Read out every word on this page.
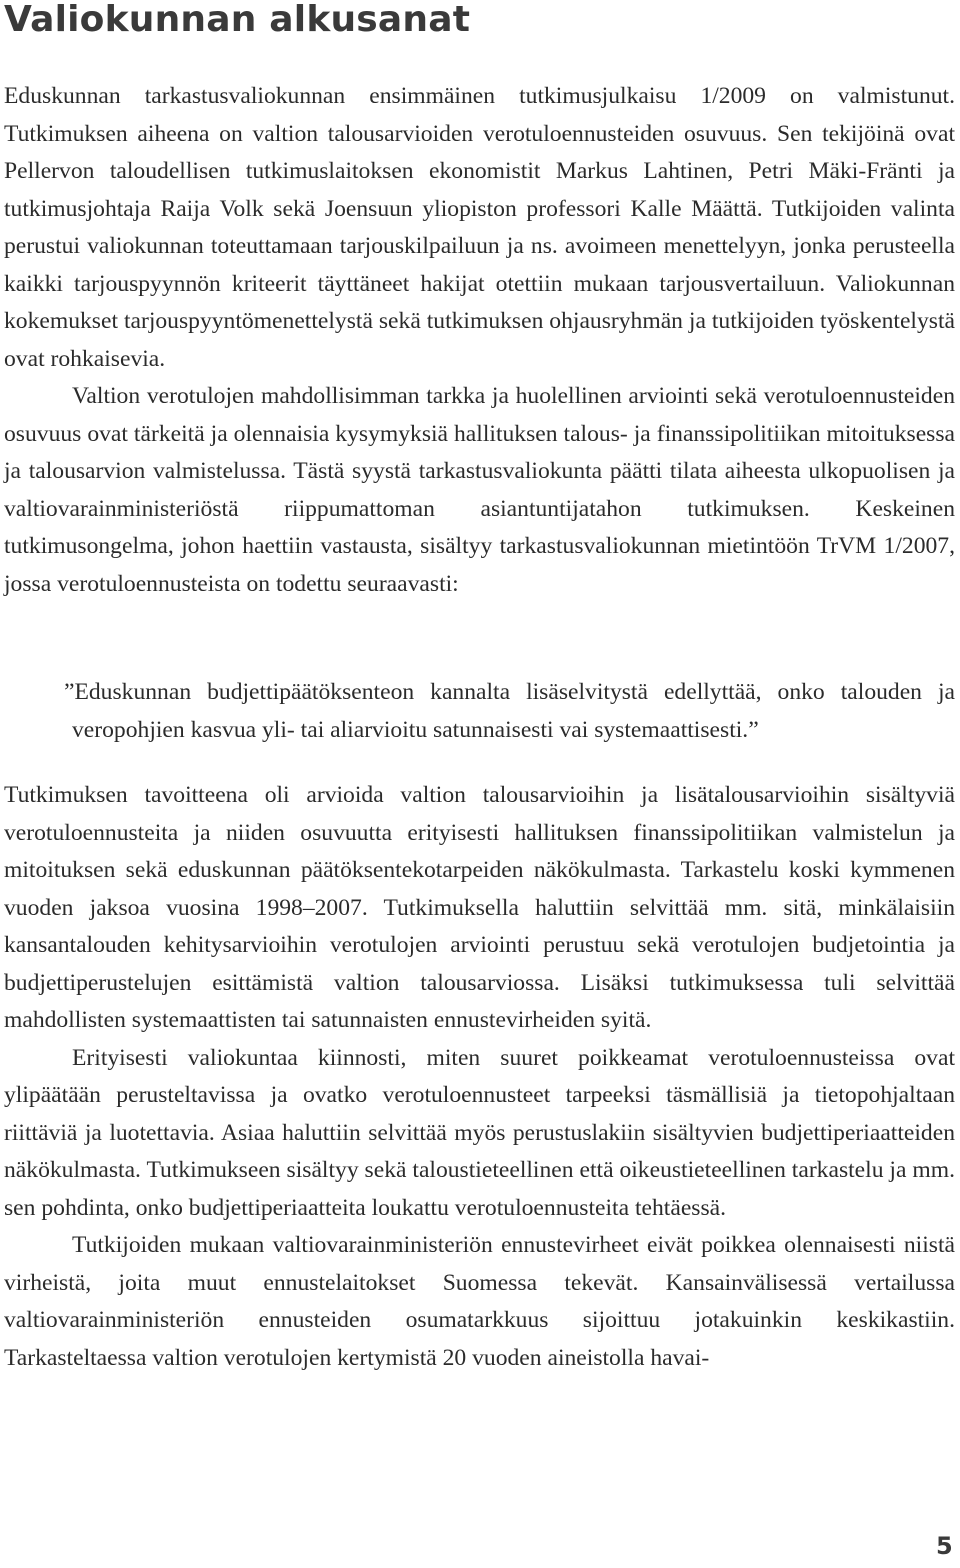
Valiokunnan alkusanat

Eduskunnan tarkastusvaliokunnan ensimmäinen tutkimusjulkaisu 1/2009 on valmistunut. Tutkimuksen aiheena on valtion talousarvioiden verotuloennusteiden osuvuus. Sen tekijöinä ovat Pellervon taloudellisen tutkimuslaitoksen ekonomistit Markus Lahtinen, Petri Mäki-Fränti ja tutkimusjohtaja Raija Volk sekä Joensuun yliopiston professori Kalle Määttä. Tutkijoiden valinta perustui valiokunnan toteuttamaan tarjouskilpailuun ja ns. avoimeen menettelyyn, jonka perusteella kaikki tarjouspyynnön kriteerit täyttäneet hakijat otettiin mukaan tarjousvertailuun. Valiokunnan kokemukset tarjouspyyntömenettelystä sekä tutkimuksen ohjausryhmän ja tutkijoiden työskentelystä ovat rohkaisevia.

Valtion verotulojen mahdollisimman tarkka ja huolellinen arviointi sekä verotuloennusteiden osuvuus ovat tärkeitä ja olennaisia kysymyksiä hallituksen talous- ja finanssipolitiikan mitoituksessa ja talousarvion valmistelussa. Tästä syystä tarkastusvaliokunta päätti tilata aiheesta ulkopuolisen ja valtiovarainministeriöstä riippumattoman asiantuntijatahon tutkimuksen. Keskeinen tutkimusongelma, johon haettiin vastausta, sisältyy tarkastusvaliokunnan mietintöön TrVM 1/2007, jossa verotuloennusteista on todettu seuraavasti:

”Eduskunnan budjettipäätöksenteon kannalta lisäselvitystä edellyttää, onko talouden ja veropohjien kasvua yli- tai aliarvioitu satunnaisesti vai systemaattisesti.”

Tutkimuksen tavoitteena oli arvioida valtion talousarvioihin ja lisätalousarvioihin sisältyviä verotuloennusteita ja niiden osuvuutta erityisesti hallituksen finanssipolitiikan valmistelun ja mitoituksen sekä eduskunnan päätöksentekotarpeiden näkökulmasta. Tarkastelu koski kymmenen vuoden jaksoa vuosina 1998–2007. Tutkimuksella haluttiin selvittää mm. sitä, minkälaisiin kansantalouden kehitysarvioihin verotulojen arviointi perustuu sekä verotulojen budjetointia ja budjettiperustelujen esittämistä valtion talousarviossa. Lisäksi tutkimuksessa tuli selvittää mahdollisten systemaattisten tai satunnaisten ennustevirheiden syitä.

Erityisesti valiokuntaa kiinnosti, miten suuret poikkeamat verotuloennusteissa ovat ylipäätään perusteltavissa ja ovatko verotuloennusteet tarpeeksi täsmällisiä ja tietopohjaltaan riittäviä ja luotettavia. Asiaa haluttiin selvittää myös perustuslakiin sisältyvien budjettiperiaatteiden näkökulmasta. Tutkimukseen sisältyy sekä taloustieteellinen että oikeustieteellinen tarkastelu ja mm. sen pohdinta, onko budjettiperiaatteita loukattu verotuloennusteita tehtäessä.

Tutkijoiden mukaan valtiovarainministeriön ennustevirheet eivät poikkea olennaisesti niistä virheistä, joita muut ennustelaitokset Suomessa tekevät. Kansainvälisessä vertailussa valtiovarainministeriön ennusteiden osumatarkkuus sijoittuu jotakuinkin keskikastiin. Tarkasteltaessa valtion verotulojen kertymistä 20 vuoden aineistolla havai-

5
